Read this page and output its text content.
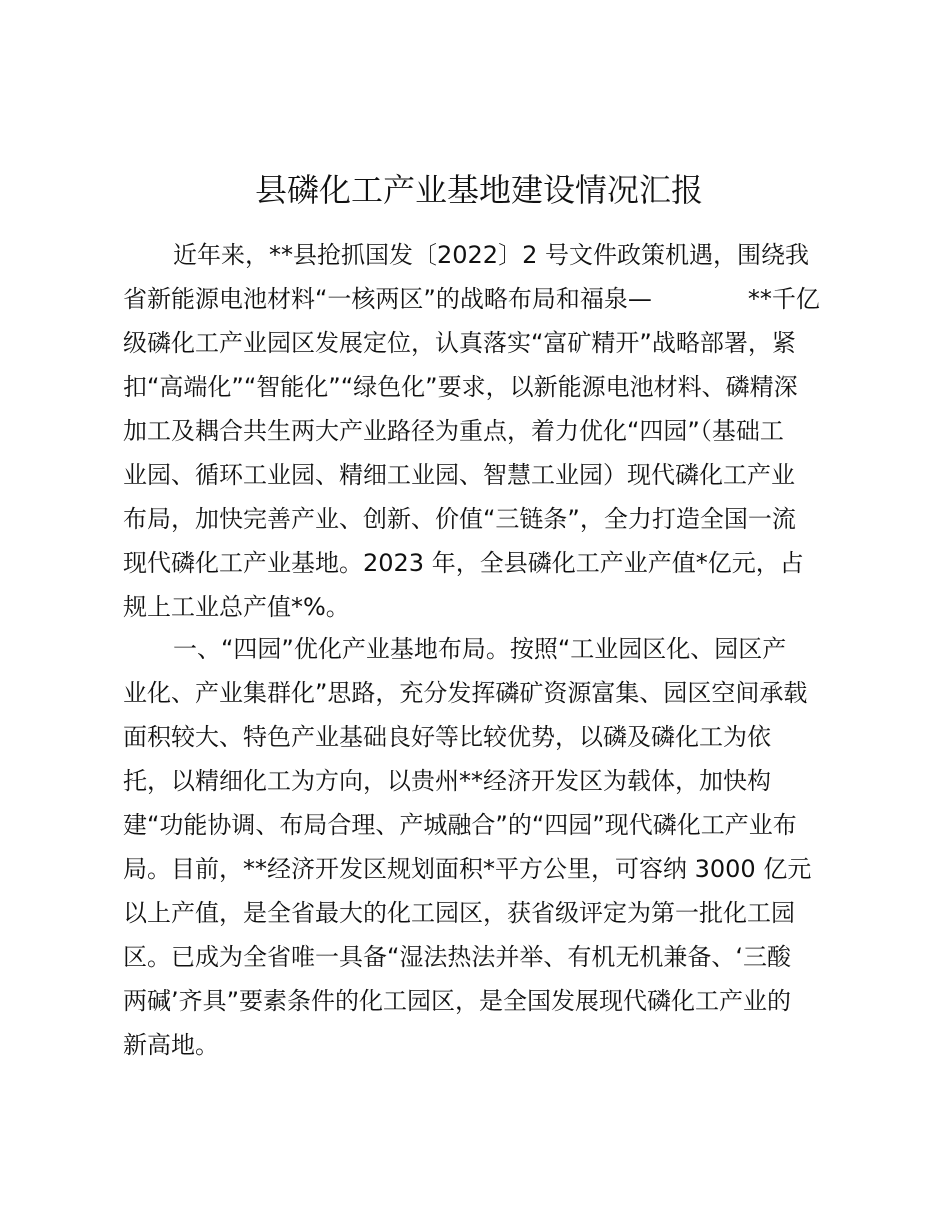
县磷化工产业基地建设情况汇报

近年来，**县抢抓国发〔2022〕2 号文件政策机遇，围绕我

省新能源电池材料“一核两区”的战略布局和福泉—　　　　**千亿

级磷化工产业园区发展定位，认真落实“富矿精开”战略部署，紧

扣“高端化”“智能化”“绿色化”要求，以新能源电池材料、磷精深

加工及耦合共生两大产业路径为重点，着力优化“四园”（基础工

业园、循环工业园、精细工业园、智慧工业园）现代磷化工产业

布局，加快完善产业、创新、价值“三链条”，全力打造全国一流

现代磷化工产业基地。2023 年，全县磷化工产业产值*亿元，占

规上工业总产值*%。

一、“四园”优化产业基地布局。按照“工业园区化、园区产

业化、产业集群化”思路，充分发挥磷矿资源富集、园区空间承载

面积较大、特色产业基础良好等比较优势，以磷及磷化工为依

托，以精细化工为方向，以贵州**经济开发区为载体，加快构

建“功能协调、布局合理、产城融合”的“四园”现代磷化工产业布

局。目前，**经济开发区规划面积*平方公里，可容纳 3000 亿元

以上产值，是全省最大的化工园区，获省级评定为第一批化工园

区。已成为全省唯一具备“湿法热法并举、有机无机兼备、‘三酸

两碱’齐具”要素条件的化工园区，是全国发展现代磷化工产业的

新高地。
